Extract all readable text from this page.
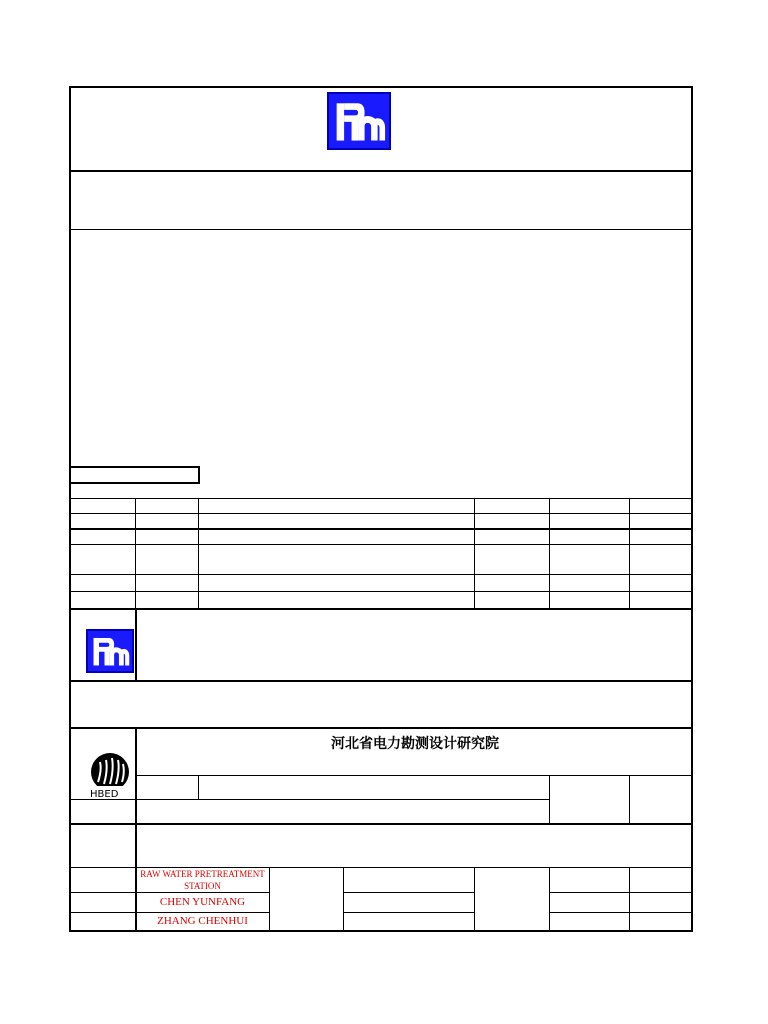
河北省电力勘测设计研究院
HBED
RAW WATER PRETREATMENT STATION
CHEN YUNFANG
ZHANG CHENHUI
